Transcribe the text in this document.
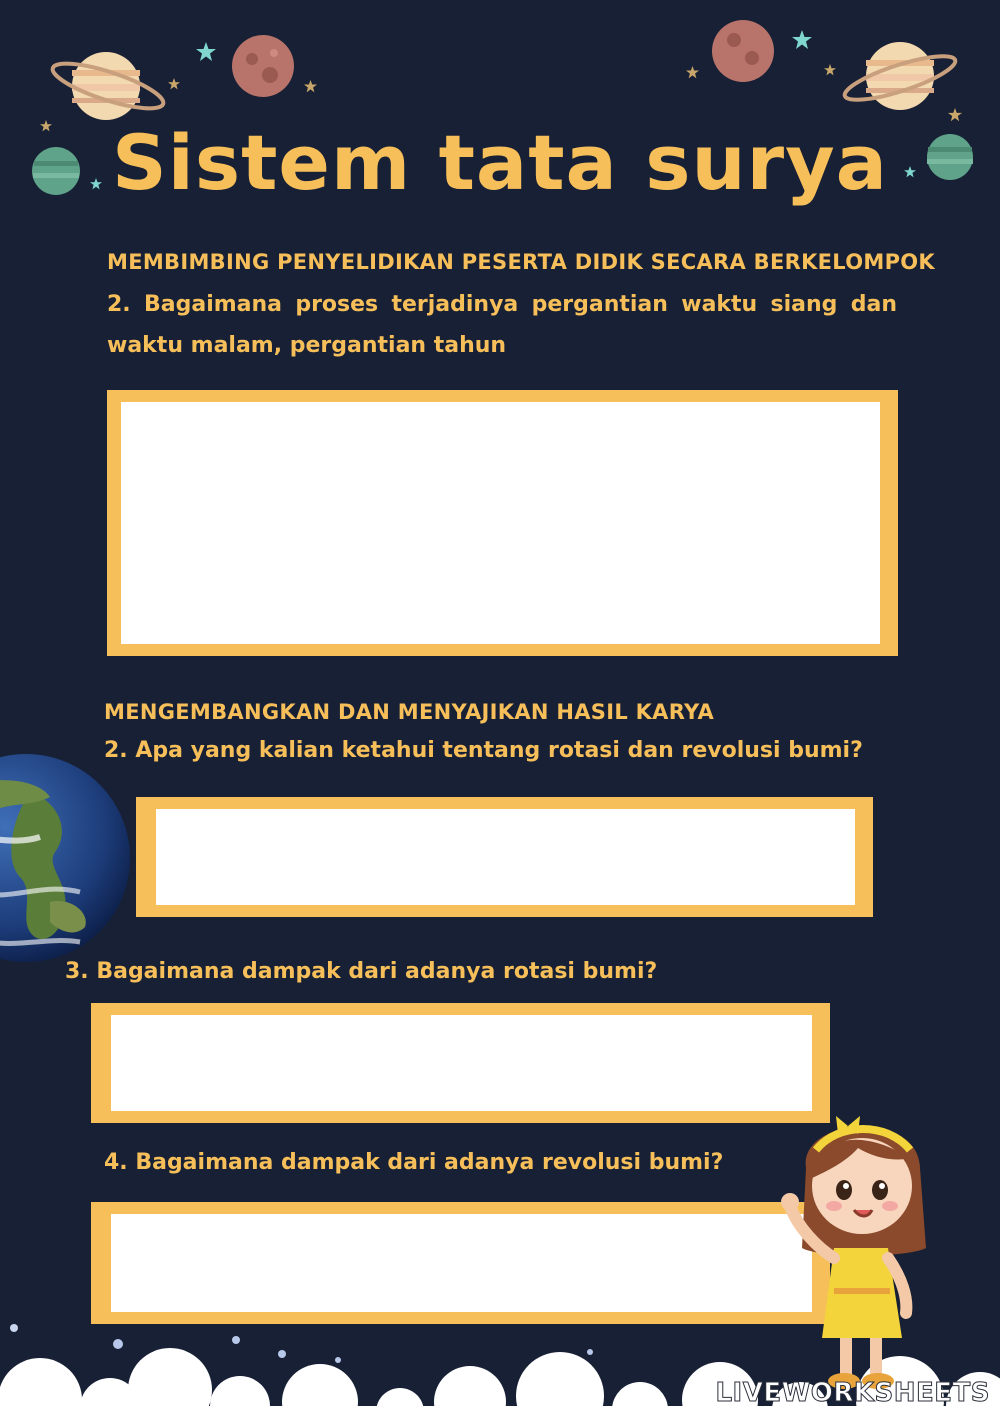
Sistem tata surya
MEMBIMBING PENYELIDIKAN PESERTA DIDIK SECARA BERKELOMPOK
2. Bagaimana proses terjadinya pergantian waktu siang dan waktu malam, pergantian tahun
MENGEMBANGKAN DAN MENYAJIKAN HASIL KARYA
2. Apa yang kalian ketahui tentang rotasi dan revolusi bumi?
3. Bagaimana dampak dari adanya rotasi bumi?
4. Bagaimana dampak dari adanya revolusi bumi?
LIVEWORKSHEETS
